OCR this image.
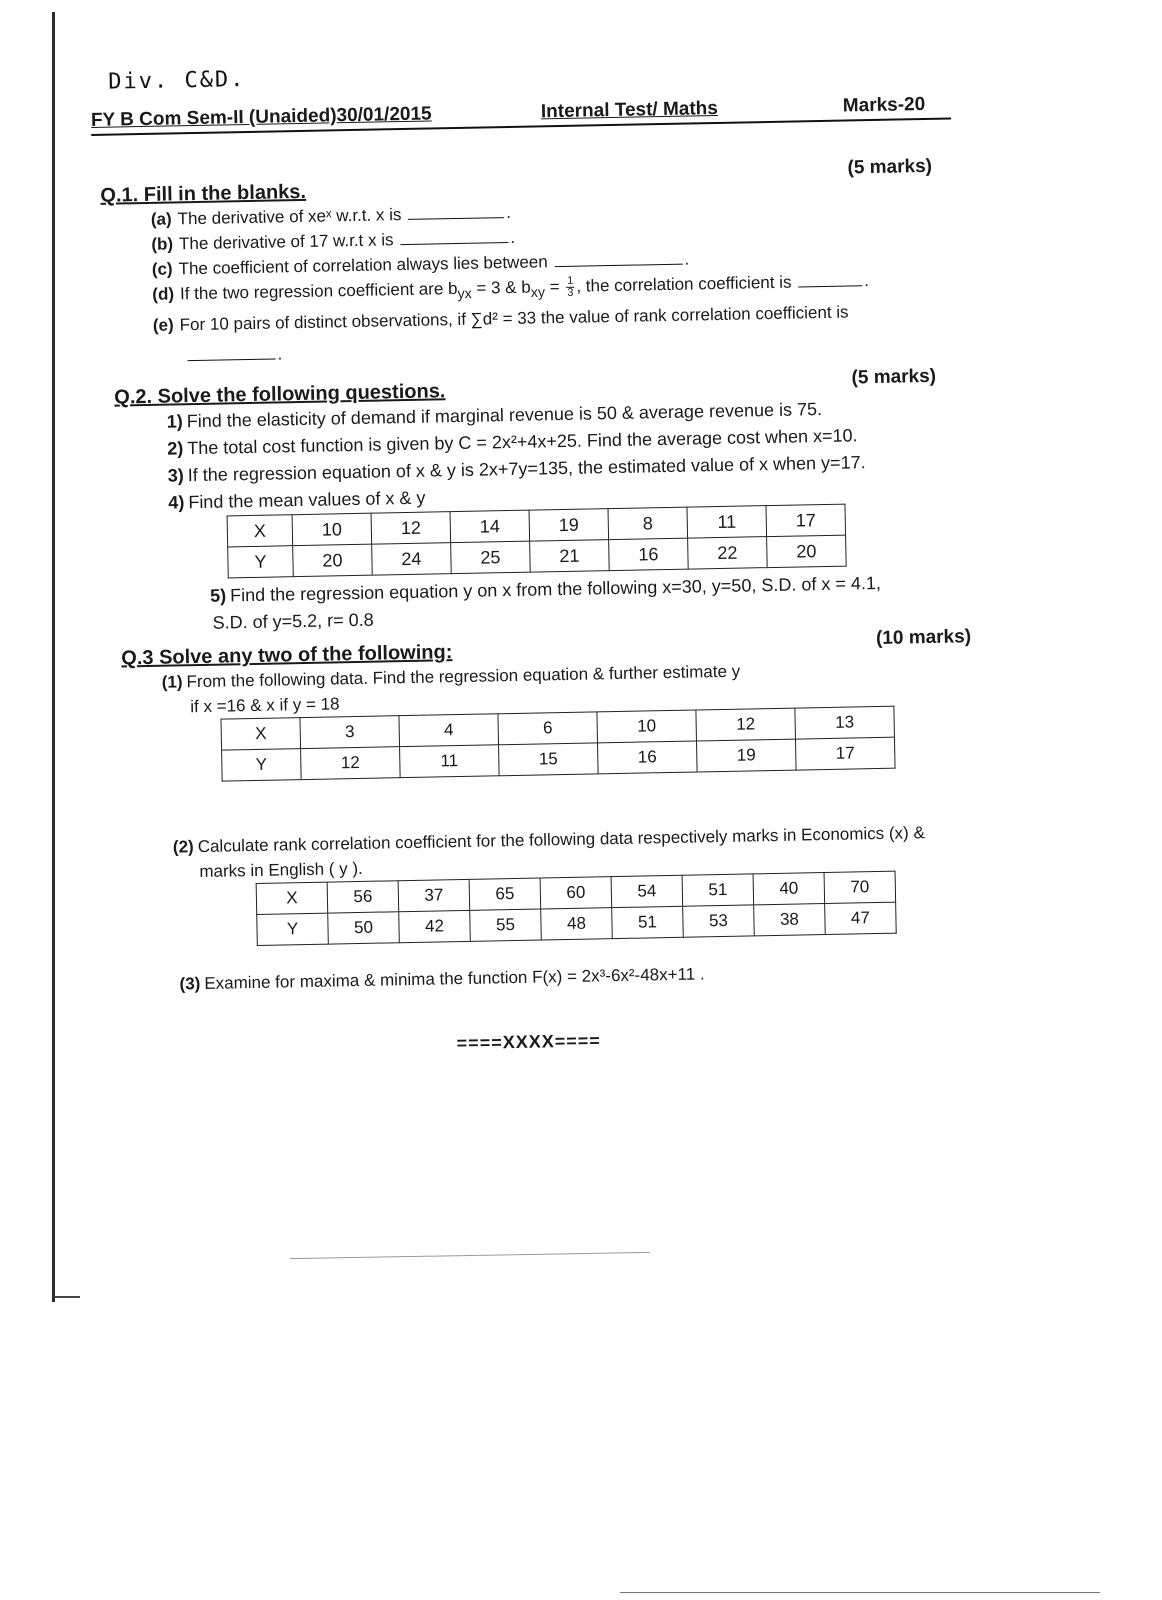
Div. C&D.
FY B Com Sem-II (Unaided)30/01/2015	Internal Test/ Maths	Marks-20
Q.1. Fill in the blanks.
(5 marks)
(a) The derivative of xeˣ w.r.t. x is	.
(b) The derivative of 17 w.r.t x is	.
(c) The coefficient of correlation always lies between	.
(d) If the two regression coefficient are $b_{yx} = 3$ & $b_{xy} = \frac{1}{3}$ , the correlation coefficient is	.
(e) For 10 pairs of distinct observations, if ∑d² = 33 the value of rank correlation coefficient is
.
Q.2. Solve the following questions.
(5 marks)
1) Find the elasticity of demand if marginal revenue is 50 & average revenue is 75.
2) The total cost function is given by C = 2x²+4x+25. Find the average cost when x=10.
3) If the regression equation of x & y is 2x+7y=135, the estimated value of x when y=17.
4) Find the mean values of x & y
X	10	12	14	19	8	11	17
Y	20	24	25	21	16	22	20
5) Find the regression equation y on x from the following x=30, y=50, S.D. of x = 4.1,
S.D. of y=5.2, r= 0.8
Q.3 Solve any two of the following:
(10 marks)
(1) From the following data. Find the regression equation & further estimate y
if x =16 & x if y = 18
X	3	4	6	10	12	13
Y	12	11	15	16	19	17
(2) Calculate rank correlation coefficient for the following data respectively marks in Economics (x) &
marks in English ( y ).
X	56	37	65	60	54	51	40	70
Y	50	42	55	48	51	53	38	47
(3) Examine for maxima & minima the function F(x) = 2x³-6x²-48x+11 .
====XXXX====
